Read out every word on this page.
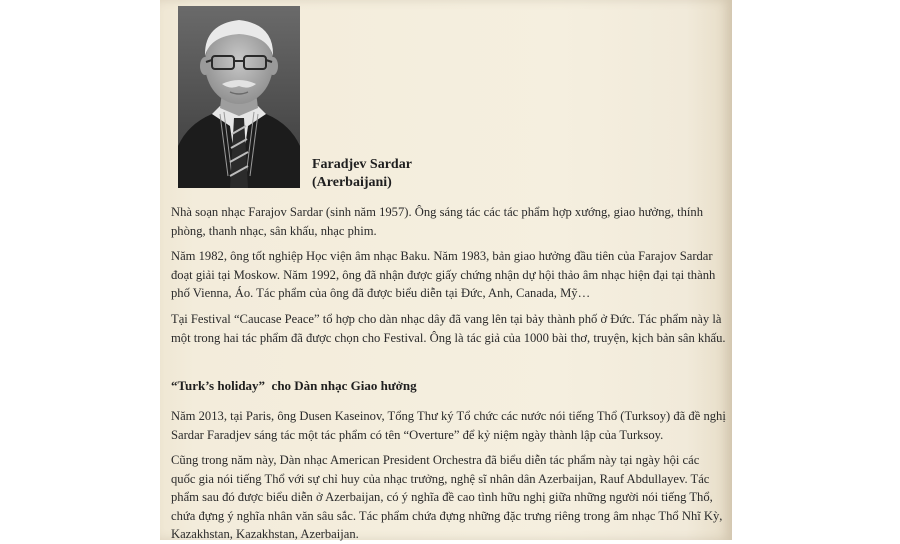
Faradjev Sardar
(Arerbaijani)

Nhà soạn nhạc Farajov Sardar (sinh năm 1957). Ông sáng tác các tác phẩm hợp xướng, giao hưởng, thính phòng, thanh nhạc, sân khấu, nhạc phim.

Năm 1982, ông tốt nghiệp Học viện âm nhạc Baku. Năm 1983, bản giao hưởng đầu tiên của Farajov Sardar đoạt giải tại Moskow. Năm 1992, ông đã nhận được giấy chứng nhận dự hội thảo âm nhạc hiện đại tại thành phố Vienna, Áo. Tác phẩm của ông đã được biểu diễn tại Đức, Anh, Canada, Mỹ…

Tại Festival “Caucase Peace” tổ hợp cho dàn nhạc dây đã vang lên tại bảy thành phố ở Đức. Tác phẩm này là một trong hai tác phẩm đã được chọn cho Festival. Ông là tác giả của 1000 bài thơ, truyện, kịch bản sân khấu.

“Turk’s holiday”  cho Dàn nhạc Giao hưởng

Năm 2013, tại Paris, ông Dusen Kaseinov, Tổng Thư ký Tổ chức các nước nói tiếng Thổ (Turksoy) đã đề nghị Sardar Faradjev sáng tác một tác phẩm có tên “Overture” để kỷ niệm ngày thành lập của Turksoy.

Cũng trong năm này, Dàn nhạc American President Orchestra đã biểu diễn tác phẩm này tại ngày hội các quốc gia nói tiếng Thổ với sự chỉ huy của nhạc trưởng, nghệ sĩ nhân dân Azerbaijan, Rauf Abdullayev. Tác phẩm sau đó được biểu diễn ở Azerbaijan, có ý nghĩa đề cao tình hữu nghị giữa những người nói tiếng Thổ, chứa đựng ý nghĩa nhân văn sâu sắc. Tác phẩm chứa đựng những đặc trưng riêng trong âm nhạc Thổ Nhĩ Kỳ, Kazakhstan, Kazakhstan, Azerbaijan.
